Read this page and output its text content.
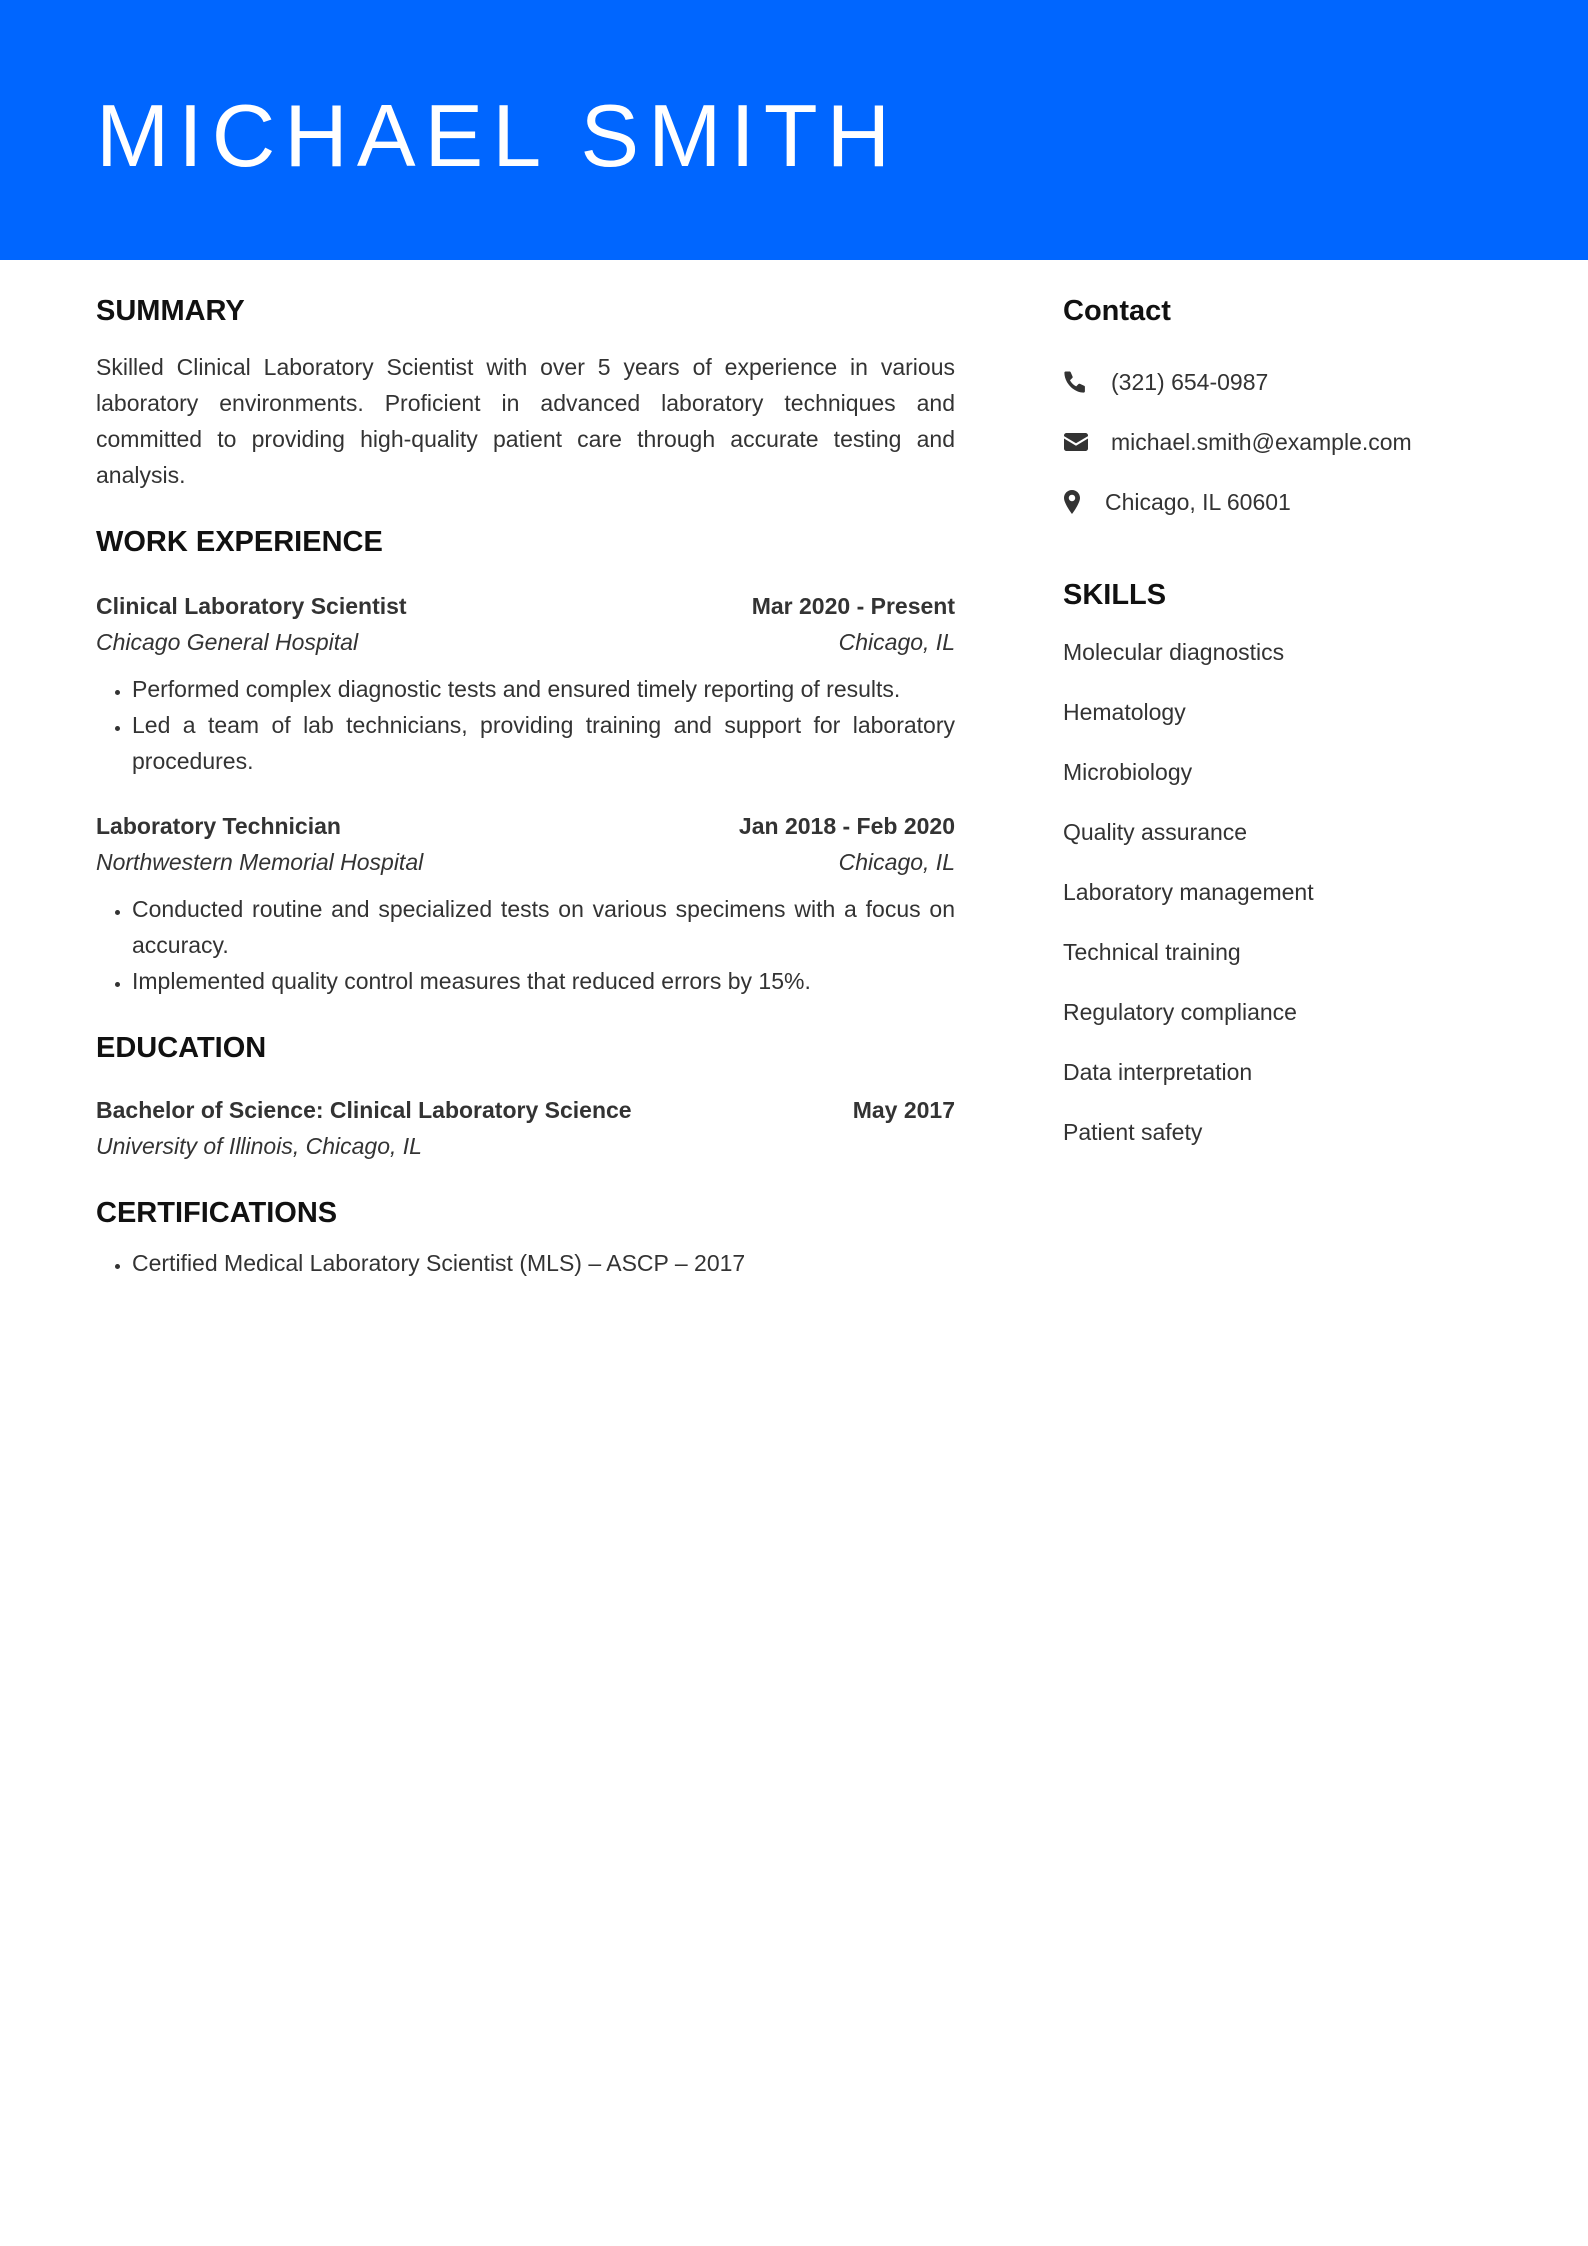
MICHAEL SMITH
SUMMARY

Skilled Clinical Laboratory Scientist with over 5 years of experience in various laboratory environments. Proficient in advanced laboratory techniques and committed to providing high-quality patient care through accurate testing and analysis.

WORK EXPERIENCE
Clinical Laboratory Scientist	Mar 2020 - Present
Chicago General Hospital	Chicago, IL
• Performed complex diagnostic tests and ensured timely reporting of results.
• Led a team of lab technicians, providing training and support for laboratory procedures.
Laboratory Technician	Jan 2018 - Feb 2020
Northwestern Memorial Hospital	Chicago, IL
• Conducted routine and specialized tests on various specimens with a focus on accuracy.
• Implemented quality control measures that reduced errors by 15%.
EDUCATION
Bachelor of Science: Clinical Laboratory Science	May 2017
University of Illinois, Chicago, IL
CERTIFICATIONS
• Certified Medical Laboratory Scientist (MLS) – ASCP – 2017
Contact
(321) 654-0987
michael.smith@example.com
Chicago, IL 60601
SKILLS
Molecular diagnostics
Hematology
Microbiology
Quality assurance
Laboratory management
Technical training
Regulatory compliance
Data interpretation
Patient safety
